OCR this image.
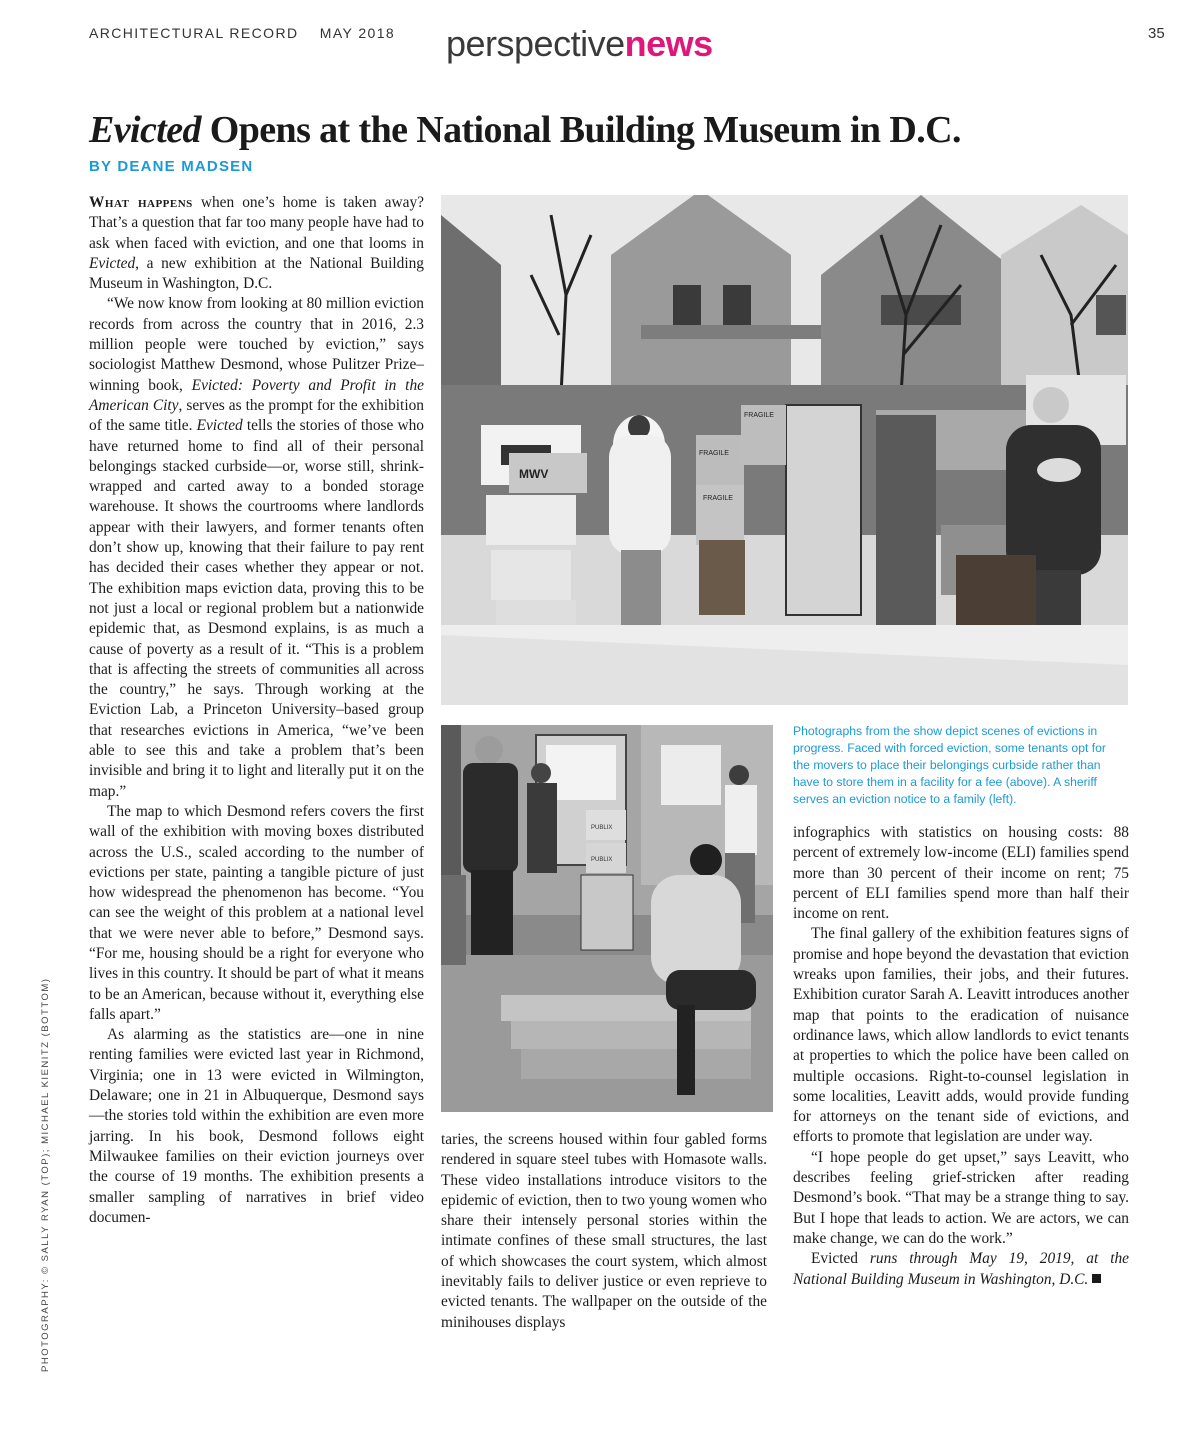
ARCHITECTURAL RECORD MAY 2018 perspectivenews	35
Evicted Opens at the National Building Museum in D.C.
BY DEANE MADSEN

What happens when one’s home is taken away? That’s a question that far too many people have had to ask when faced with eviction, and one that looms in Evicted, a new exhibition at the National Building Museum in Washington, D.C.

“We now know from looking at 80 million eviction records from across the country that in 2016, 2.3 million people were touched by eviction,” says sociologist Matthew Desmond, whose Pulitzer Prize–winning book, Evicted: Poverty and Profit in the American City, serves as the prompt for the exhibition of the same title. Evicted tells the stories of those who have returned home to find all of their personal belongings stacked curbside—or, worse still, shrink-wrapped and carted away to a bonded storage warehouse. It shows the courtrooms where landlords appear with their lawyers, and former tenants often don’t show up, knowing that their failure to pay rent has decided their cases whether they appear or not. The exhibition maps eviction data, proving this to be not just a local or regional problem but a nationwide epidemic that, as Desmond explains, is as much a cause of poverty as a result of it. “This is a problem that is affecting the streets of communities all across the country,” he says. Through working at the Eviction Lab, a Princeton University–based group that researches evictions in America, “we’ve been able to see this and take a problem that’s been invisible and bring it to light and literally put it on the map.”

The map to which Desmond refers covers the first wall of the exhibition with moving boxes distributed across the U.S., scaled according to the number of evictions per state, painting a tangible picture of just how widespread the phenomenon has become. “You can see the weight of this problem at a national level that we were never able to before,” Desmond says. “For me, housing should be a right for everyone who lives in this country. It should be part of what it means to be an American, because without it, everything else falls apart.”

As alarming as the statistics are—one in nine renting families were evicted last year in Richmond, Virginia; one in 13 were evicted in Wilmington, Delaware; one in 21 in Albuquerque, Desmond says—the stories told within the exhibition are even more jarring. In his book, Desmond follows eight Milwaukee families on their eviction journeys over the course of 19 months. The exhibition presents a smaller sampling of narratives in brief video documen-

MWV
FRAGILE
FRAGILE
FRAGILE
PUBLIX
PUBLIX

Photographs from the show depict scenes of evictions in progress. Faced with forced eviction, some tenants opt for the movers to place their belongings curbside rather than have to store them in a facility for a fee (above). A sheriff serves an eviction notice to a family (left).

taries, the screens housed within four gabled forms rendered in square steel tubes with Homasote walls. These video installations introduce visitors to the epidemic of eviction, then to two young women who share their intensely personal stories within the intimate confines of these small structures, the last of which showcases the court system, which almost inevitably fails to deliver justice or even reprieve to evicted tenants. The wallpaper on the outside of the minihouses displays

infographics with statistics on housing costs: 88 percent of extremely low-income (ELI) families spend more than 30 percent of their income on rent; 75 percent of ELI families spend more than half their income on rent.

The final gallery of the exhibition features signs of promise and hope beyond the devastation that eviction wreaks upon families, their jobs, and their futures. Exhibition curator Sarah A. Leavitt introduces another map that points to the eradication of nuisance ordinance laws, which allow landlords to evict tenants at properties to which the police have been called on multiple occasions. Right-to-counsel legislation in some localities, Leavitt adds, would provide funding for attorneys on the tenant side of evictions, and efforts to promote that legislation are under way.

“I hope people do get upset,” says Leavitt, who describes feeling grief-stricken after reading Desmond’s book. “That may be a strange thing to say. But I hope that leads to action. We are actors, we can make change, we can do the work.”

Evicted runs through May 19, 2019, at the National Building Museum in Washington, D.C.

PHOTOGRAPHY: © SALLY RYAN (TOP); MICHAEL KIENITZ (BOTTOM)
